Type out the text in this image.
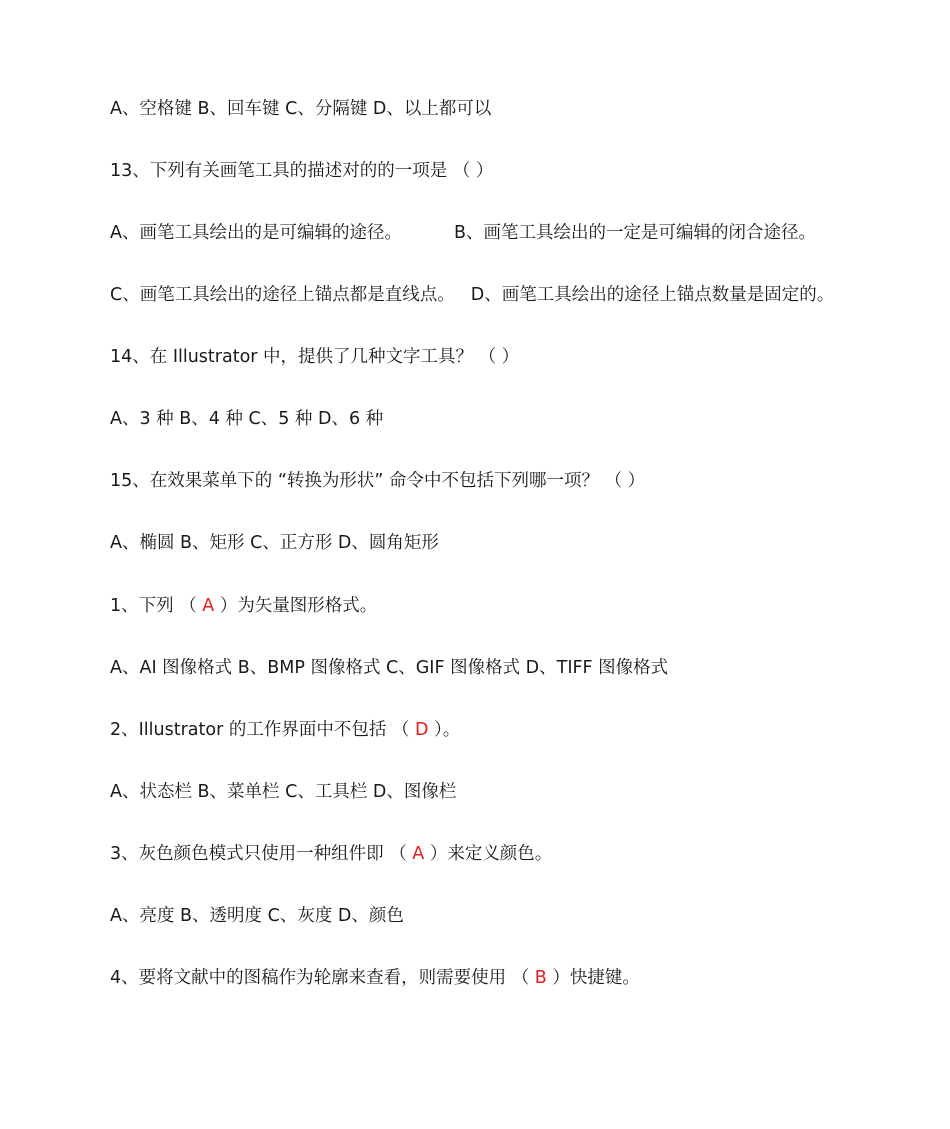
A、空格键 B、回车键 C、分隔键 D、以上都可以
13、下列有关画笔工具的描述对的的一项是 （ ）
A、画笔工具绘出的是可编辑的途径。	B、画笔工具绘出的一定是可编辑的闭合途径。
C、画笔工具绘出的途径上锚点都是直线点。 D、画笔工具绘出的途径上锚点数量是固定的。
14、在 Illustrator 中，提供了几种文字工具？ （ ）
A、3 种 B、4 种 C、5 种 D、6 种
15、在效果菜单下的 “转换为形状” 命令中不包括下列哪一项？ （ ）
A、椭圆 B、矩形 C、正方形 D、圆角矩形
1、下列 （ A ）为矢量图形格式。
A、AI 图像格式 B、BMP 图像格式 C、GIF 图像格式 D、TIFF 图像格式
2、Illustrator 的工作界面中不包括 （ D ）。
A、状态栏 B、菜单栏 C、工具栏 D、图像栏
3、灰色颜色模式只使用一种组件即 （ A ）来定义颜色。
A、亮度 B、透明度 C、灰度 D、颜色
4、要将文献中的图稿作为轮廓来查看，则需要使用 （ B ）快捷键。
